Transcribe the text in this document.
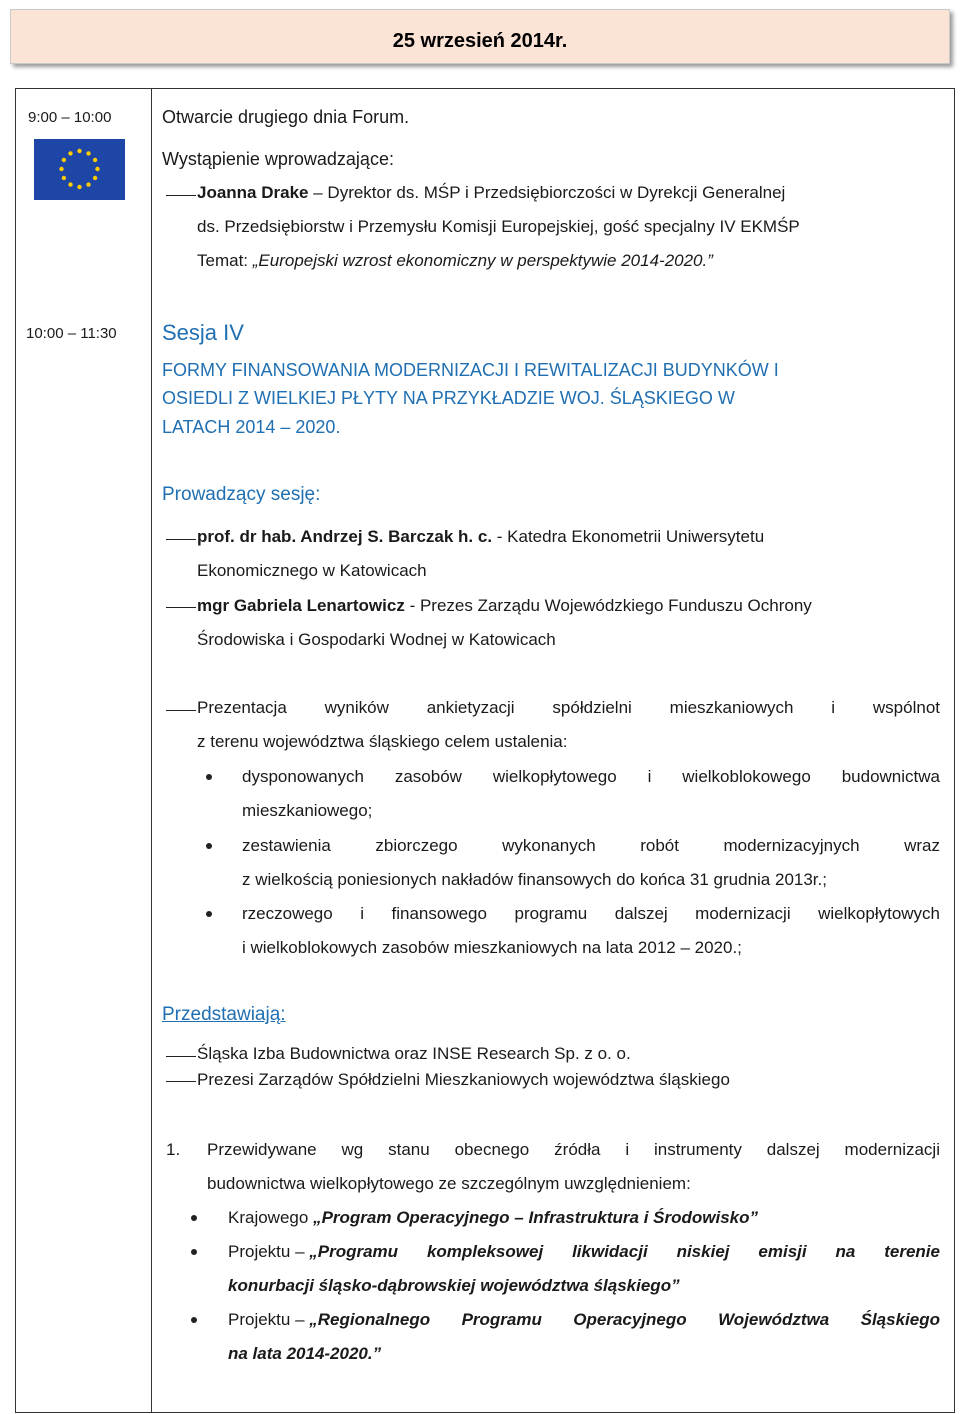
25 wrzesień 2014r.
9:00 – 10:00	Otwarcie drugiego dnia Forum.
Wystąpienie wprowadzające:
Joanna Drake – Dyrektor ds. MŚP i Przedsiębiorczości w Dyrekcji Generalnej
ds. Przedsiębiorstw i Przemysłu Komisji Europejskiej, gość specjalny IV EKMŚP
Temat: „Europejski wzrost ekonomiczny w perspektywie 2014-2020.”
10:00 – 11:30 Sesja IV
FORMY FINANSOWANIA MODERNIZACJI I REWITALIZACJI BUDYNKÓW I
OSIEDLI Z WIELKIEJ PŁYTY NA PRZYKŁADZIE WOJ. ŚLĄSKIEGO W
LATACH 2014 – 2020.
Prowadzący sesję:
prof. dr hab. Andrzej S. Barczak h. c. - Katedra Ekonometrii Uniwersytetu
Ekonomicznego w Katowicach
mgr Gabriela Lenartowicz - Prezes Zarządu Wojewódzkiego Funduszu Ochrony
Środowiska i Gospodarki Wodnej w Katowicach
Prezentacja wyników ankietyzacji spółdzielni mieszkaniowych i wspólnot
z terenu województwa śląskiego celem ustalenia:
dysponowanych zasobów wielkopłytowego i wielkoblokowego budownictwa
mieszkaniowego;
zestawienia zbiorczego wykonanych robót modernizacyjnych wraz
z wielkością poniesionych nakładów finansowych do końca 31 grudnia 2013r.;
rzeczowego i finansowego programu dalszej modernizacji wielkopłytowych
i wielkoblokowych zasobów mieszkaniowych na lata 2012 – 2020.;
Przedstawiają:
Śląska Izba Budownictwa oraz INSE Research Sp. z o. o.
Prezesi Zarządów Spółdzielni Mieszkaniowych województwa śląskiego
1. Przewidywane wg stanu obecnego źródła i instrumenty dalszej modernizacji
budownictwa wielkopłytowego ze szczególnym uwzględnieniem:
Krajowego „Program Operacyjnego – Infrastruktura i Środowisko”
Projektu – „Programu kompleksowej likwidacji niskiej emisji na terenie
konurbacji śląsko-dąbrowskiej województwa śląskiego”
Projektu – „Regionalnego Programu Operacyjnego Województwa Śląskiego
na lata 2014-2020.”
